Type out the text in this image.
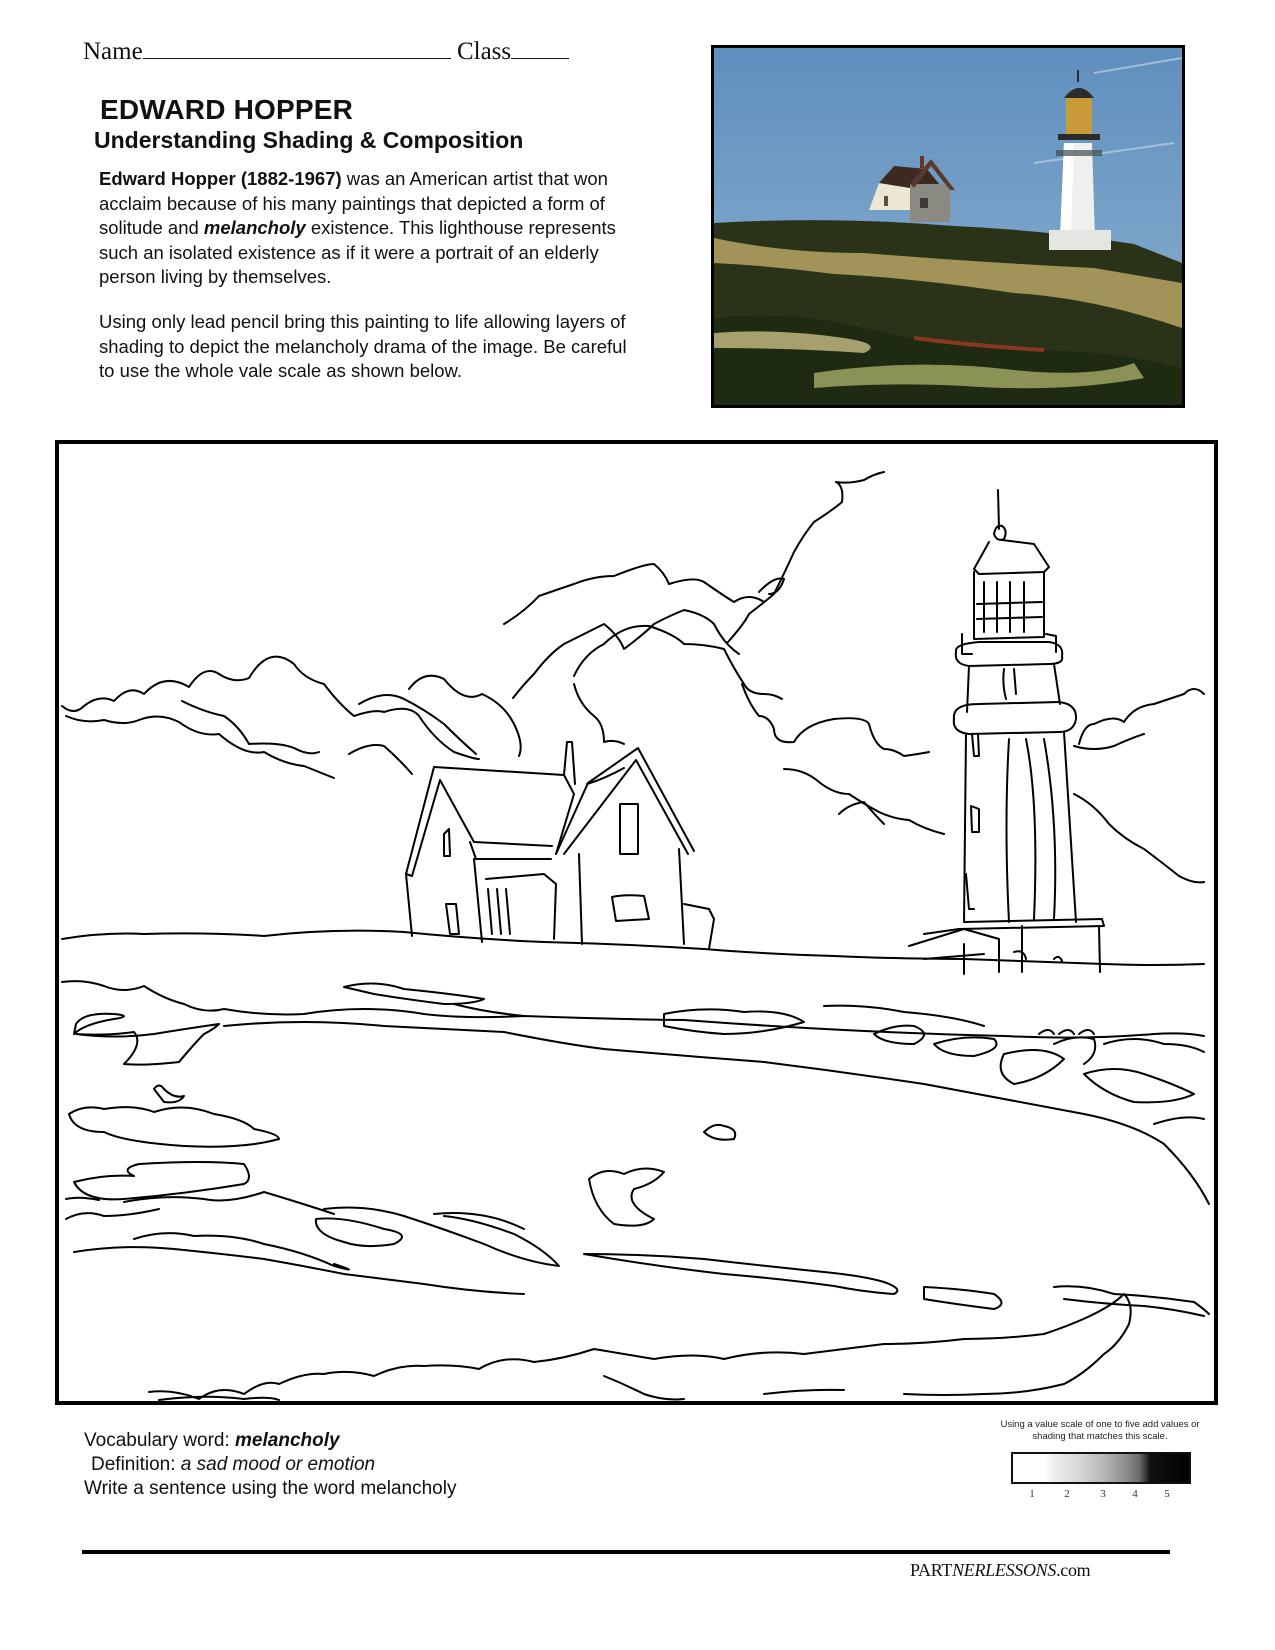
Name	Class
EDWARD HOPPER
Understanding Shading & Composition
Edward Hopper (1882-1967) was an American artist that won acclaim because of his many paintings that depicted a form of solitude and melancholy existence. This lighthouse represents such an isolated existence as if it were a portrait of an elderly person living by themselves.
Using only lead pencil bring this painting to life allowing layers of shading to depict the melancholy drama of the image. Be careful to use the whole vale scale as shown below.
Vocabulary word: melancholy
Definition: a sad mood or emotion
Write a sentence using the word melancholy
Using a value scale of one to five add values or shading that matches this scale.
1	2	3	4	5
PARTNERLESSONS.com
